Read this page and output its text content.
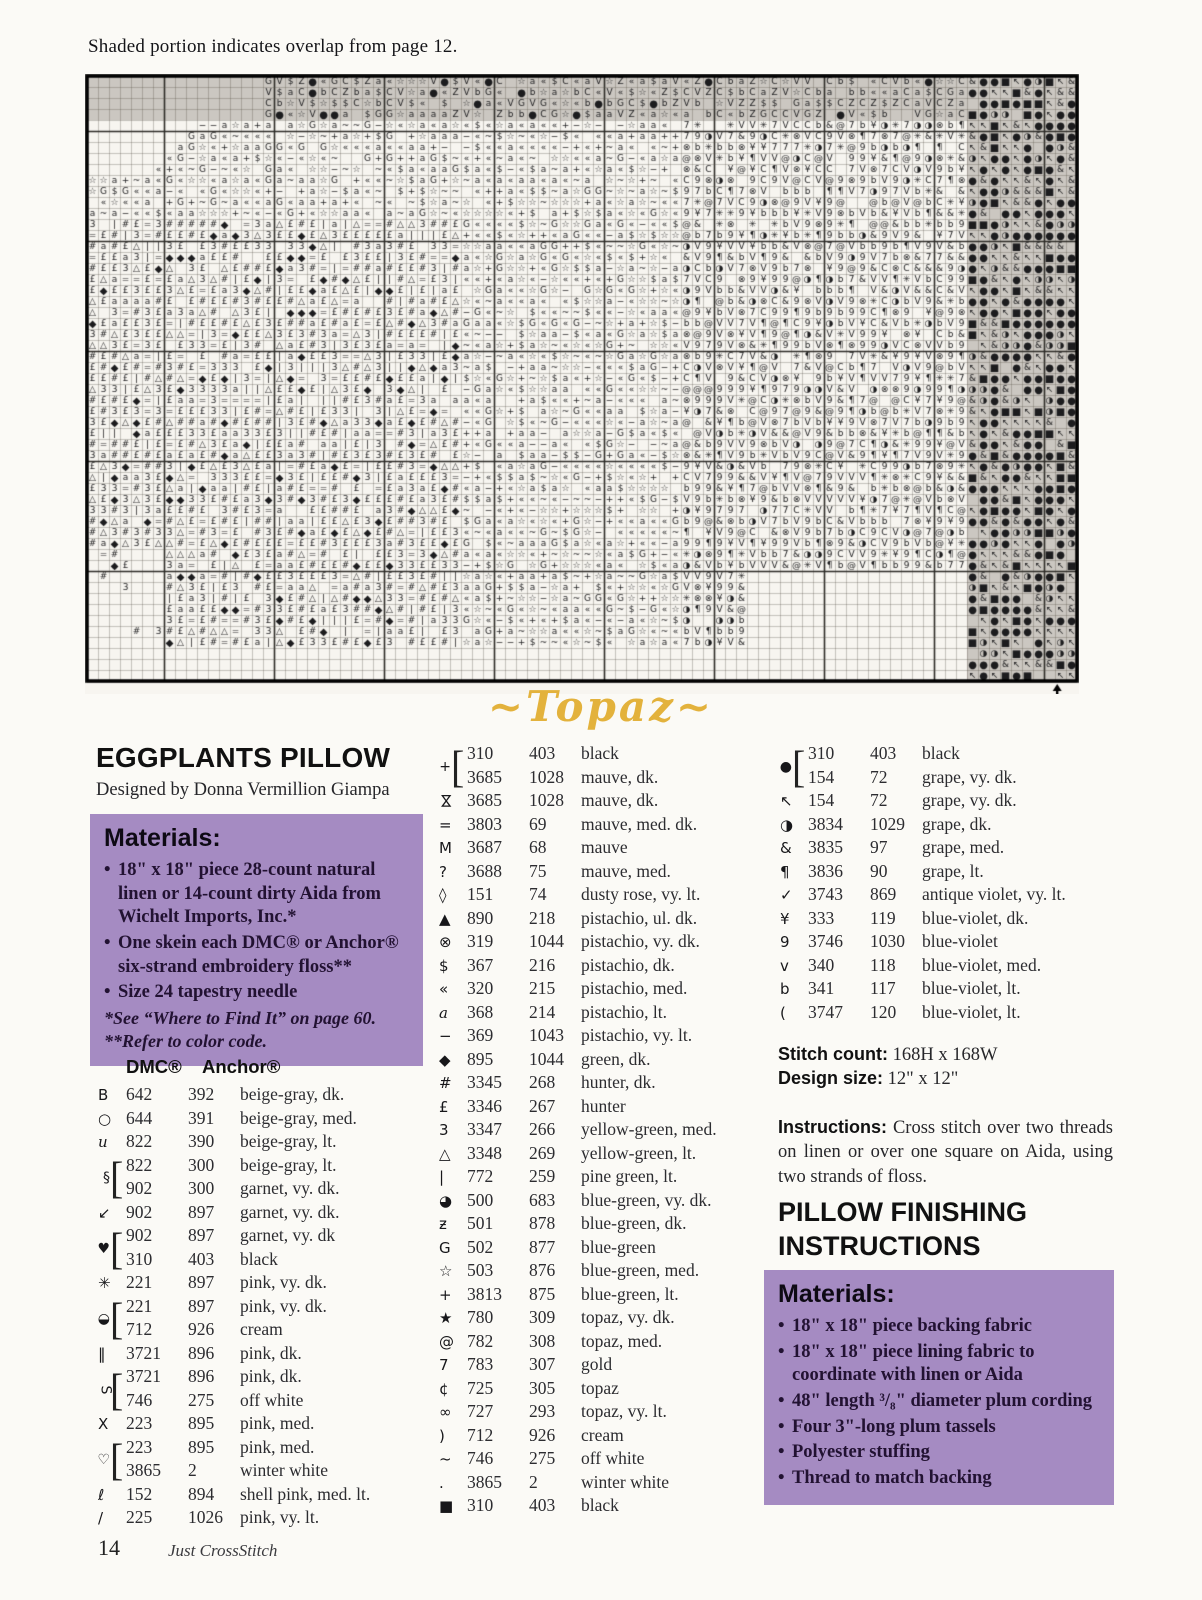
Shaded portion indicates overlap from page 12.
~Topaz~
EGGPLANTS PILLOW
Designed by Donna Vermillion Giampa
Materials:
• 18" x 18" piece 28-count natural linen or 14-count dirty Aida from Wichelt Imports, Inc.*
• One skein each DMC® or Anchor® six-strand embroidery floss**
• Size 24 tapestry needle
*See “Where to Find It” on page 60.
**Refer to color code.
DMC®	Anchor®
B	642	392	beige-gray, dk.
○ 644	391	beige-gray, med.
u	822	390	beige-gray, lt.
§ [ 822	300	beige-gray, lt.
902	300	garnet, vy. dk.
↙ 902	897	garnet, vy. dk.
♥ [ 902	897	garnet, vy. dk
310	403	black
✳ 221	897	pink, vy. dk.
◒ [ 221	897	pink, vy. dk.
712	926	cream
‖	3721	896	pink, dk.
S
[ 3721	896	pink, dk.
746	275	off white
X	223	895	pink, med.
♡ [ 223	895	pink, med.
3865	2	winter white
ℓ	152	894	shell pink, med. lt.
/	225	1026 pink, vy. lt.
+ [ 310	403	black
3685	1028 mauve, dk.
⋈ 3685	1028 mauve, dk.
= 3803	69	mauve, med. dk.
M 3687	68	mauve
?	3688	75	mauve, med.
◊	151	74	dusty rose, vy. lt.
▲ 890	218	pistachio, ul. dk.
⊗ 319	1044 pistachio, vy. dk.
$	367	216	pistachio, dk.
«	320	215	pistachio, med.
a	368	214	pistachio, lt.
− 369	1043 pistachio, vy. lt.
◆ 895	1044 green, dk.
# 3345	268	hunter, dk.
£	3346	267	hunter
3	3347	266	yellow-green, med.
△ 3348	269	yellow-green, lt.
|	772	259	pine green, lt.
◕ 500	683	blue-green, vy. dk.
ƶ	501	878	blue-green, dk.
G 502	877	blue-green
☆ 503	876	blue-green, med.
+ 3813	875	blue-green, lt.
★ 780	309	topaz, vy. dk.
@ 782	308	topaz, med.
7	783	307	gold
¢	725	305	topaz
∞ 727	293	topaz, vy. lt.
)	712	926	cream
~ 746	275	off white
.	3865	2	winter white
■ 310	403	black
● [ 310	403	black
154	72	grape, vy. dk.
↖ 154	72	grape, vy. dk.
◑ 3834	1029 grape, dk.
& 3835	97	grape, med.
¶	3836	90	grape, lt.
✓ 3743	869	antique violet, vy. lt.
¥	333	119	blue-violet, dk.
9	3746	1030 blue-violet
v	340	118	blue-violet, med.
b	341	117	blue-violet, lt.
(	3747	120	blue-violet, lt.
Stitch count: 168H x 168W
Design size: 12" x 12"
Instructions: Cross stitch over two threads on linen or over one square on Aida, using two strands of floss.
PILLOW FINISHING INSTRUCTIONS
Materials:
• 18" x 18" piece backing fabric
• 18" x 18" piece lining fabric to coordinate with linen or Aida
• 48" length ³/₈" diameter plum cording
• Four 3"-long plum tassels
• Polyester stuffing
• Thread to match backing
14	Just CrossStitch
